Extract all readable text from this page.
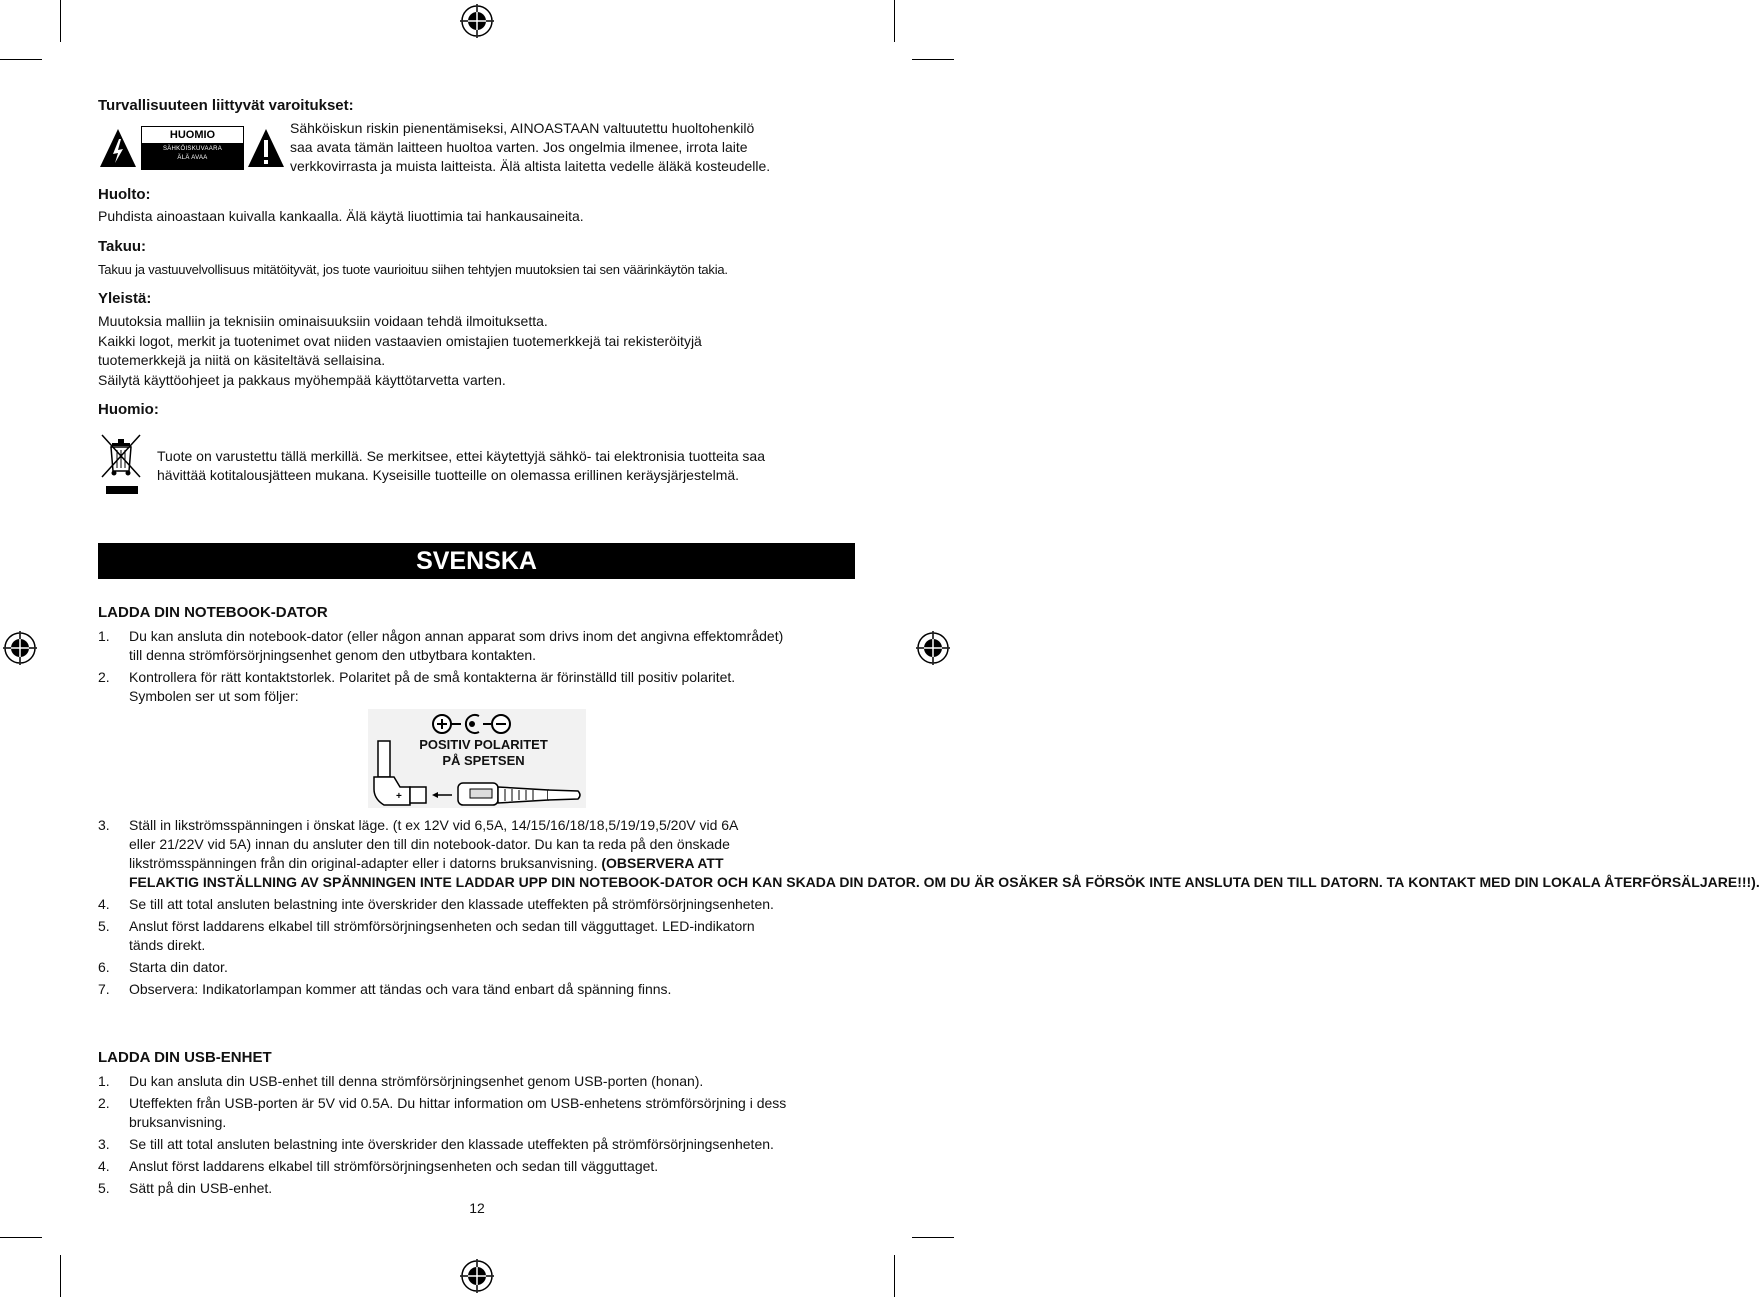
Turvallisuuteen liittyvät varoitukset:
HUOMIO
SÄHKÖISKUVAARA
ÄLÄ AVAA
Sähköiskun riskin pienentämiseksi, AINOASTAAN valtuutettu huoltohenkilö
saa avata tämän laitteen huoltoa varten. Jos ongelmia ilmenee, irrota laite
verkkovirrasta ja muista laitteista. Älä altista laitetta vedelle äläkä kosteudelle.
Huolto:
Puhdista ainoastaan kuivalla kankaalla. Älä käytä liuottimia tai hankausaineita.
Takuu:
Takuu ja vastuuvelvollisuus mitätöityvät, jos tuote vaurioituu siihen tehtyjen muutoksien tai sen väärinkäytön takia.
Yleistä:
Muutoksia malliin ja teknisiin ominaisuuksiin voidaan tehdä ilmoituksetta.
Kaikki logot, merkit ja tuotenimet ovat niiden vastaavien omistajien tuotemerkkejä tai rekisteröityjä
tuotemerkkejä ja niitä on käsiteltävä sellaisina.
Säilytä käyttöohjeet ja pakkaus myöhempää käyttötarvetta varten.
Huomio:
Tuote on varustettu tällä merkillä. Se merkitsee, ettei käytettyjä sähkö- tai elektronisia tuotteita saa
hävittää kotitalousjätteen mukana. Kyseisille tuotteille on olemassa erillinen keräysjärjestelmä.
SVENSKA
LADDA DIN NOTEBOOK-DATOR
1. Du kan ansluta din notebook-dator (eller någon annan apparat som drivs inom det angivna effektområdet)
till denna strömförsörjningsenhet genom den utbytbara kontakten.
2. Kontrollera för rätt kontaktstorlek. Polaritet på de små kontakterna är förinställd till positiv polaritet.
Symbolen ser ut som följer:
POSITIV POLARITET
PÅ SPETSEN
+
3. Ställ in likströmsspänningen i önskat läge. (t ex 12V vid 6,5A, 14/15/16/18/18,5/19/19,5/20V vid 6A
eller 21/22V vid 5A) innan du ansluter den till din notebook-dator. Du kan ta reda på den önskade
likströmsspänningen från din original-adapter eller i datorns bruksanvisning. (OBSERVERA ATT
FELAKTIG INSTÄLLNING AV SPÄNNINGEN INTE LADDAR UPP DIN NOTEBOOK-DATOR OCH KAN SKADA DIN DATOR. OM DU ÄR OSÄKER SÅ FÖRSÖK INTE ANSLUTA DEN TILL DATORN. TA KONTAKT MED DIN LOKALA ÅTERFÖRSÄLJARE!!!).
4. Se till att total ansluten belastning inte överskrider den klassade uteffekten på strömförsörjningsenheten.
5. Anslut först laddarens elkabel till strömförsörjningsenheten och sedan till vägguttaget. LED-indikatorn
tänds direkt.
6. Starta din dator.
7. Observera: Indikatorlampan kommer att tändas och vara tänd enbart då spänning finns.
LADDA DIN USB-ENHET
1. Du kan ansluta din USB-enhet till denna strömförsörjningsenhet genom USB-porten (honan).
2. Uteffekten från USB-porten är 5V vid 0.5A. Du hittar information om USB-enhetens strömförsörjning i dess
bruksanvisning.
3. Se till att total ansluten belastning inte överskrider den klassade uteffekten på strömförsörjningsenheten.
4. Anslut först laddarens elkabel till strömförsörjningsenheten och sedan till vägguttaget.
5. Sätt på din USB-enhet.
12
